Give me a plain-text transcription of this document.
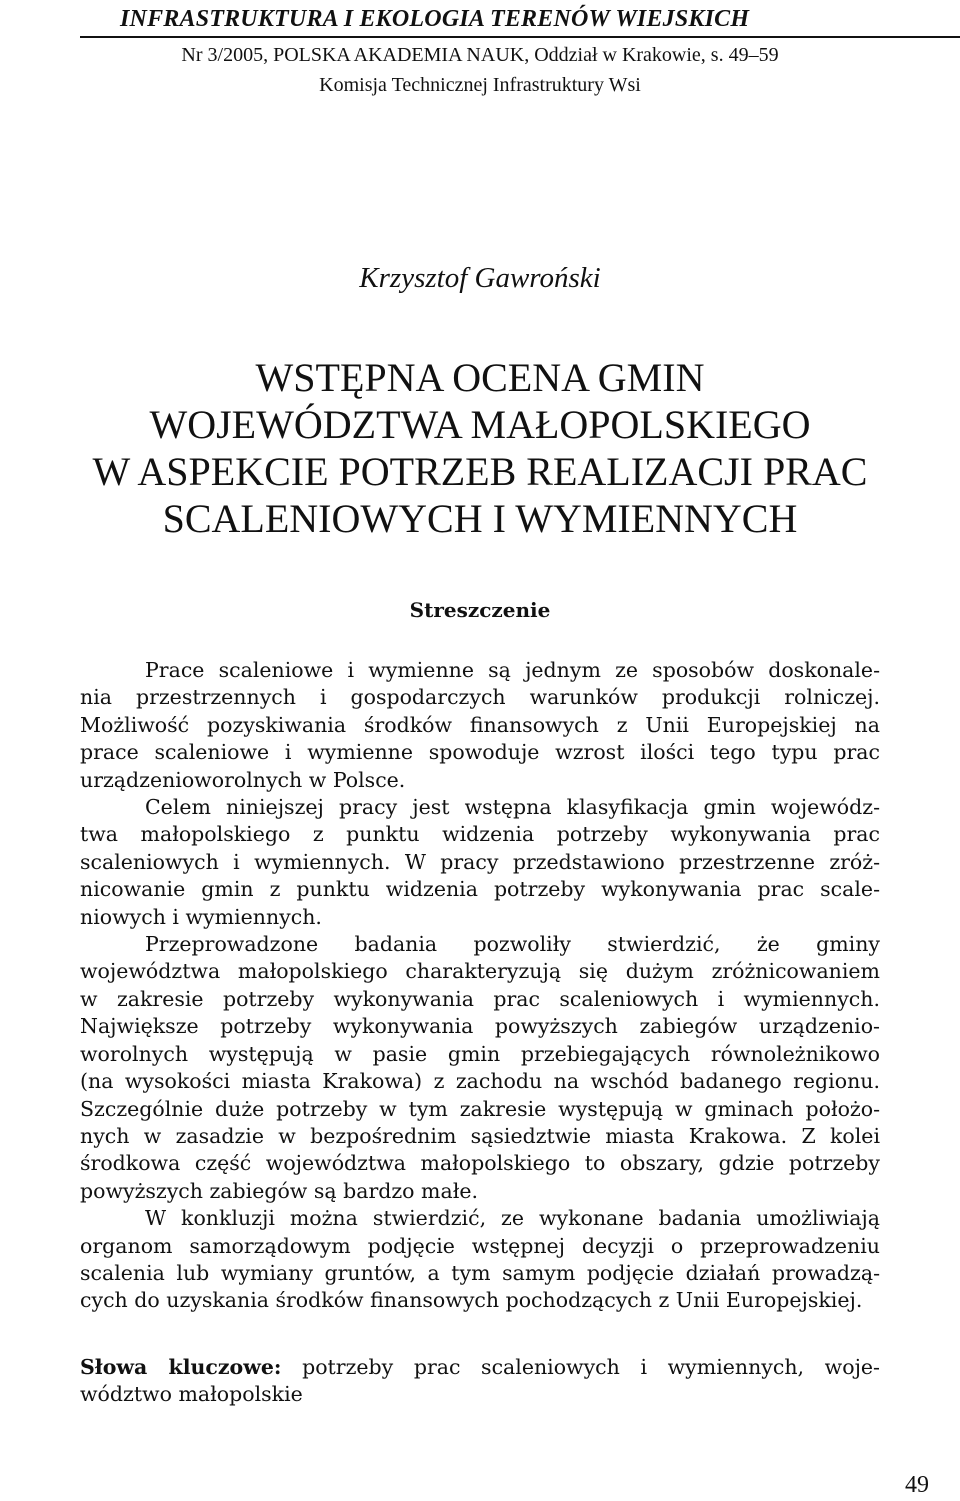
INFRASTRUKTURA I EKOLOGIA TERENÓW WIEJSKICH
Nr 3/2005, POLSKA AKADEMIA NAUK, Oddział w Krakowie, s. 49–59
Komisja Technicznej Infrastruktury Wsi
Krzysztof Gawroński
WSTĘPNA OCENA GMIN
WOJEWÓDZTWA MAŁOPOLSKIEGO
W ASPEKCIE POTRZEB REALIZACJI PRAC
SCALENIOWYCH I WYMIENNYCH
Streszczenie
Prace scaleniowe i wymienne są jednym ze sposobów doskonale-
nia przestrzennych i gospodarczych warunków produkcji rolniczej.
Możliwość pozyskiwania środków finansowych z Unii Europejskiej na
prace scaleniowe i wymienne spowoduje wzrost ilości tego typu prac
urządzenioworolnych w Polsce.
Celem niniejszej pracy jest wstępna klasyfikacja gmin wojewódz-
twa małopolskiego z punktu widzenia potrzeby wykonywania prac
scaleniowych i wymiennych. W pracy przedstawiono przestrzenne zróż-
nicowanie gmin z punktu widzenia potrzeby wykonywania prac scale-
niowych i wymiennych.
Przeprowadzone badania pozwoliły stwierdzić, że gminy
województwa małopolskiego charakteryzują się dużym zróżnicowaniem
w zakresie potrzeby wykonywania prac scaleniowych i wymiennych.
Największe potrzeby wykonywania powyższych zabiegów urządzenio-
worolnych występują w pasie gmin przebiegających równoleżnikowo
(na wysokości miasta Krakowa) z zachodu na wschód badanego regionu.
Szczególnie duże potrzeby w tym zakresie występują w gminach położo-
nych w zasadzie w bezpośrednim sąsiedztwie miasta Krakowa. Z kolei
środkowa część województwa małopolskiego to obszary, gdzie potrzeby
powyższych zabiegów są bardzo małe.
W konkluzji można stwierdzić, ze wykonane badania umożliwiają
organom samorządowym podjęcie wstępnej decyzji o przeprowadzeniu
scalenia lub wymiany gruntów, a tym samym podjęcie działań prowadzą-
cych do uzyskania środków finansowych pochodzących z Unii Europejskiej.
Słowa kluczowe: potrzeby prac scaleniowych i wymiennych, woje-
wództwo małopolskie
49
